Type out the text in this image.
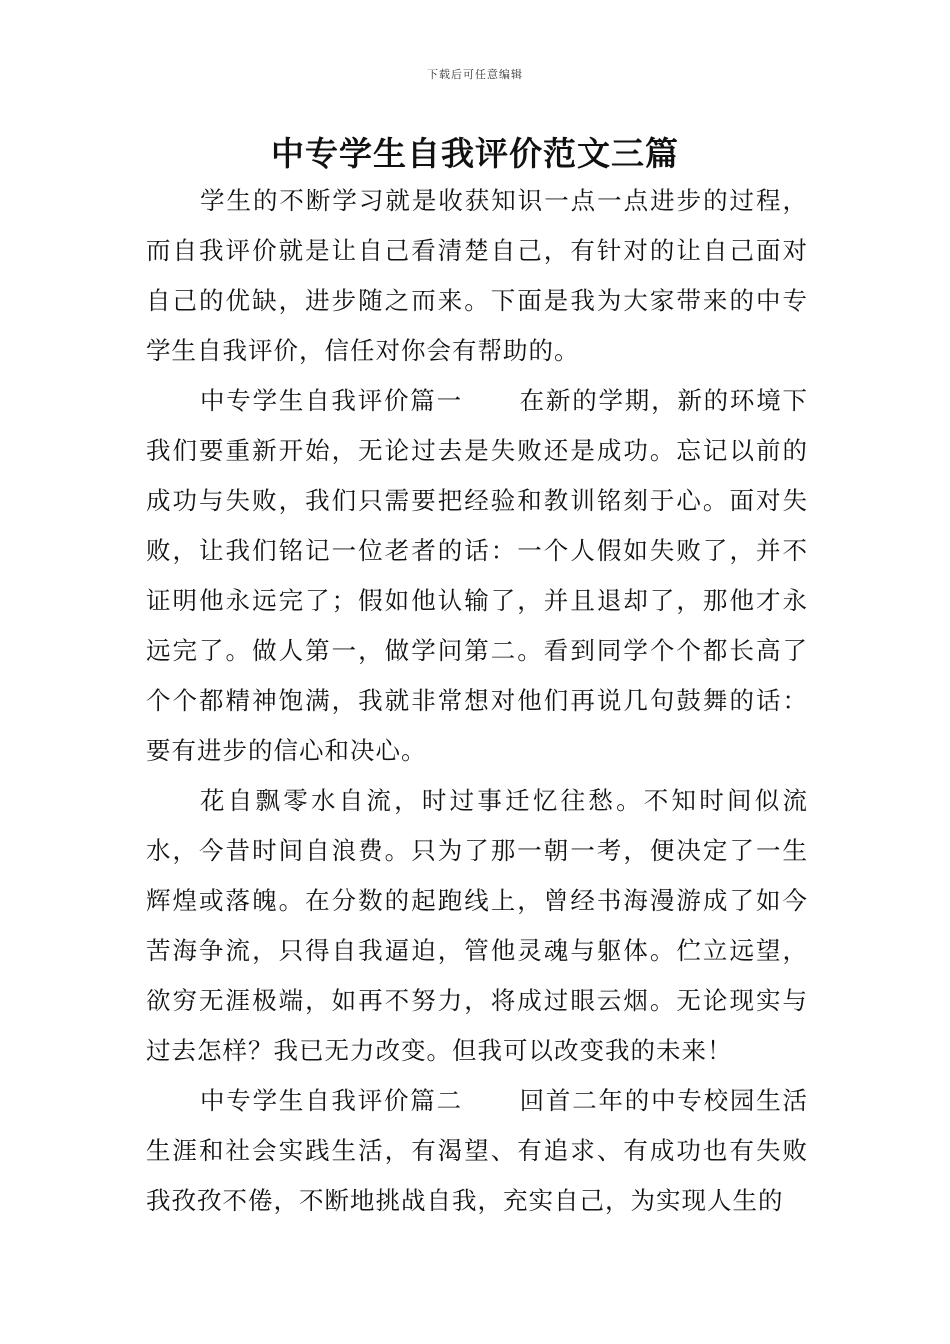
下载后可任意编辑
中专学生自我评价范文三篇

学生的不断学习就是收获知识一点一点进步的过程，而自我评价就是让自己看清楚自己，有针对的让自己面对自己的优缺，进步随之而来。下面是我为大家带来的中专学生自我评价，信任对你会有帮助的。

中专学生自我评价篇一 在新的学期，新的环境下我们要重新开始，无论过去是失败还是成功。忘记以前的成功与失败，我们只需要把经验和教训铭刻于心。面对失败，让我们铭记一位老者的话：一个人假如失败了，并不证明他永远完了；假如他认输了，并且退却了，那他才永远完了。做人第一，做学问第二。看到同学个个都长高了个个都精神饱满，我就非常想对他们再说几句鼓舞的话：要有进步的信心和决心。

花自飘零水自流，时过事迁忆往愁。不知时间似流水，今昔时间自浪费。只为了那一朝一考，便决定了一生辉煌或落魄。在分数的起跑线上，曾经书海漫游成了如今苦海争流，只得自我逼迫，管他灵魂与躯体。伫立远望，欲穷无涯极端，如再不努力，将成过眼云烟。无论现实与过去怎样？我已无力改变。但我可以改变我的未来！

中专学生自我评价篇二 回首二年的中专校园生活生涯和社会实践生活，有渴望、有追求、有成功也有失败我孜孜不倦，不断地挑战自我，充实自己，为实现人生的
